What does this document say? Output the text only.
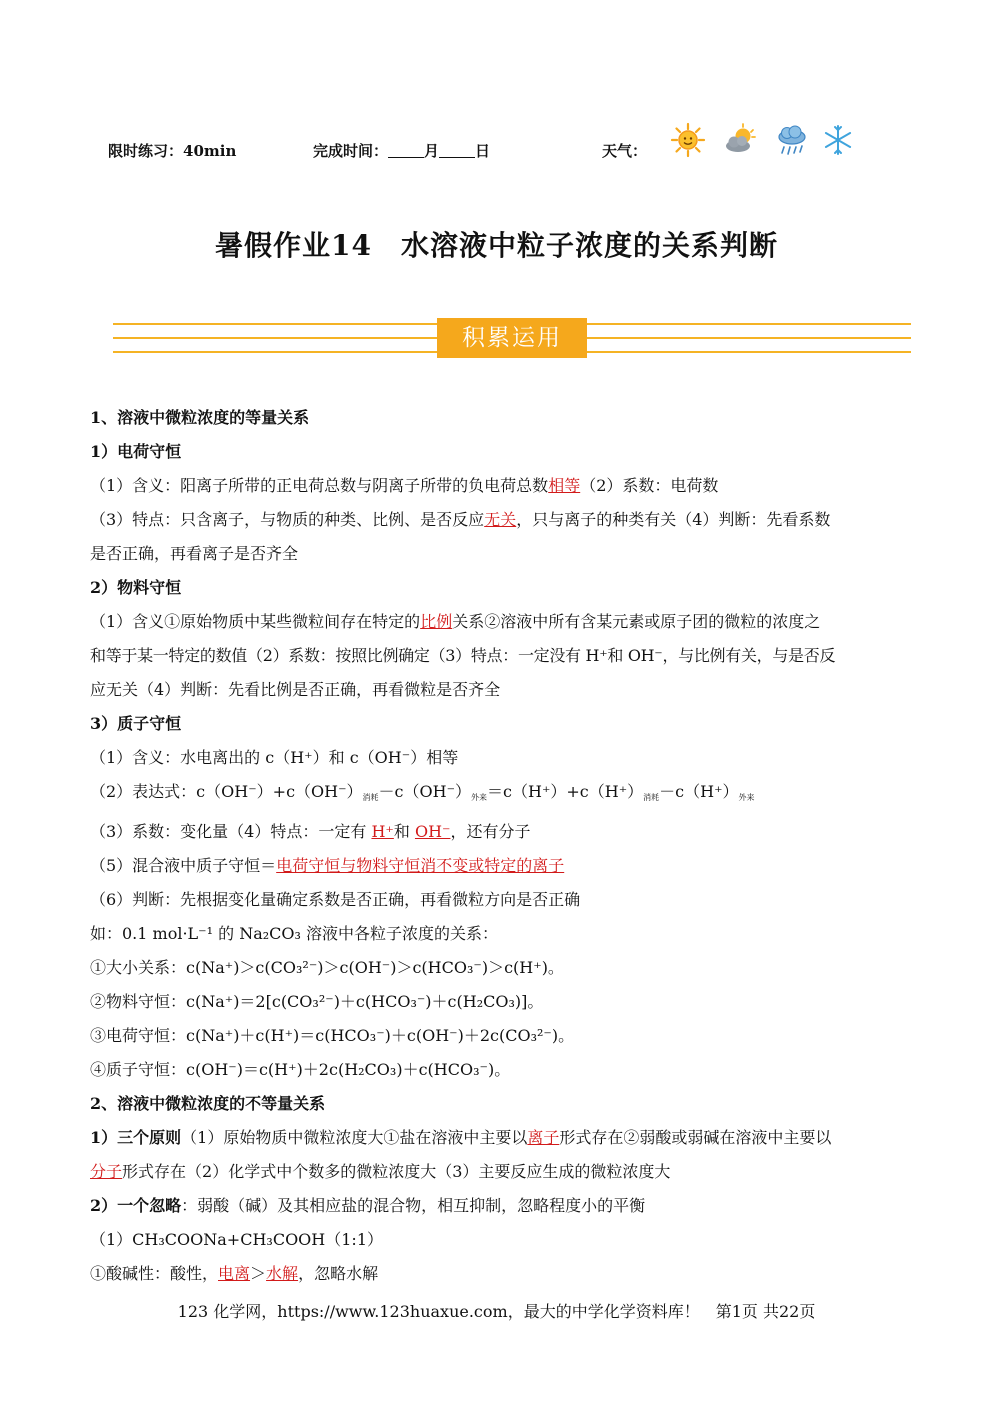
限时练习：40min	完成时间： 月 日	天气：
暑假作业14　水溶液中粒子浓度的关系判断
积累运用

1、溶液中微粒浓度的等量关系

1）电荷守恒

（1）含义：阳离子所带的正电荷总数与阴离子所带的负电荷总数相等（2）系数：电荷数

（3）特点：只含离子，与物质的种类、比例、是否反应无关，只与离子的种类有关（4）判断：先看系数

是否正确，再看离子是否齐全

2）物料守恒

（1）含义①原始物质中某些微粒间存在特定的比例关系②溶液中所有含某元素或原子团的微粒的浓度之

和等于某一特定的数值（2）系数：按照比例确定（3）特点：一定没有 H⁺和 OH⁻，与比例有关，与是否反

应无关（4）判断：先看比例是否正确，再看微粒是否齐全

3）质子守恒

（1）含义：水电离出的 c（H⁺）和 c（OH⁻）相等

（2）表达式：c（OH⁻）+c（OH⁻）消耗－c（OH⁻）外来＝c（H⁺）+c（H⁺）消耗－c（H⁺）外来

（3）系数：变化量（4）特点：一定有 H⁺和 OH⁻，还有分子

（5）混合液中质子守恒＝电荷守恒与物料守恒消不变或特定的离子

（6）判断：先根据变化量确定系数是否正确，再看微粒方向是否正确

如：0.1 mol·L⁻¹ 的 Na₂CO₃ 溶液中各粒子浓度的关系：

①大小关系：c(Na⁺)＞c(CO₃²⁻)＞c(OH⁻)＞c(HCO₃⁻)＞c(H⁺)。

②物料守恒：c(Na⁺)＝2[c(CO₃²⁻)＋c(HCO₃⁻)＋c(H₂CO₃)]。

③电荷守恒：c(Na⁺)＋c(H⁺)＝c(HCO₃⁻)＋c(OH⁻)＋2c(CO₃²⁻)。

④质子守恒：c(OH⁻)＝c(H⁺)＋2c(H₂CO₃)＋c(HCO₃⁻)。

2、溶液中微粒浓度的不等量关系

1）三个原则（1）原始物质中微粒浓度大①盐在溶液中主要以离子形式存在②弱酸或弱碱在溶液中主要以

分子形式存在（2）化学式中个数多的微粒浓度大（3）主要反应生成的微粒浓度大

2）一个忽略：弱酸（碱）及其相应盐的混合物，相互抑制，忽略程度小的平衡

（1）CH₃COONa+CH₃COOH（1:1）

①酸碱性：酸性，电离＞水解，忽略水解

123 化学网，https://www.123huaxue.com，最大的中学化学资料库！　第1页 共22页
